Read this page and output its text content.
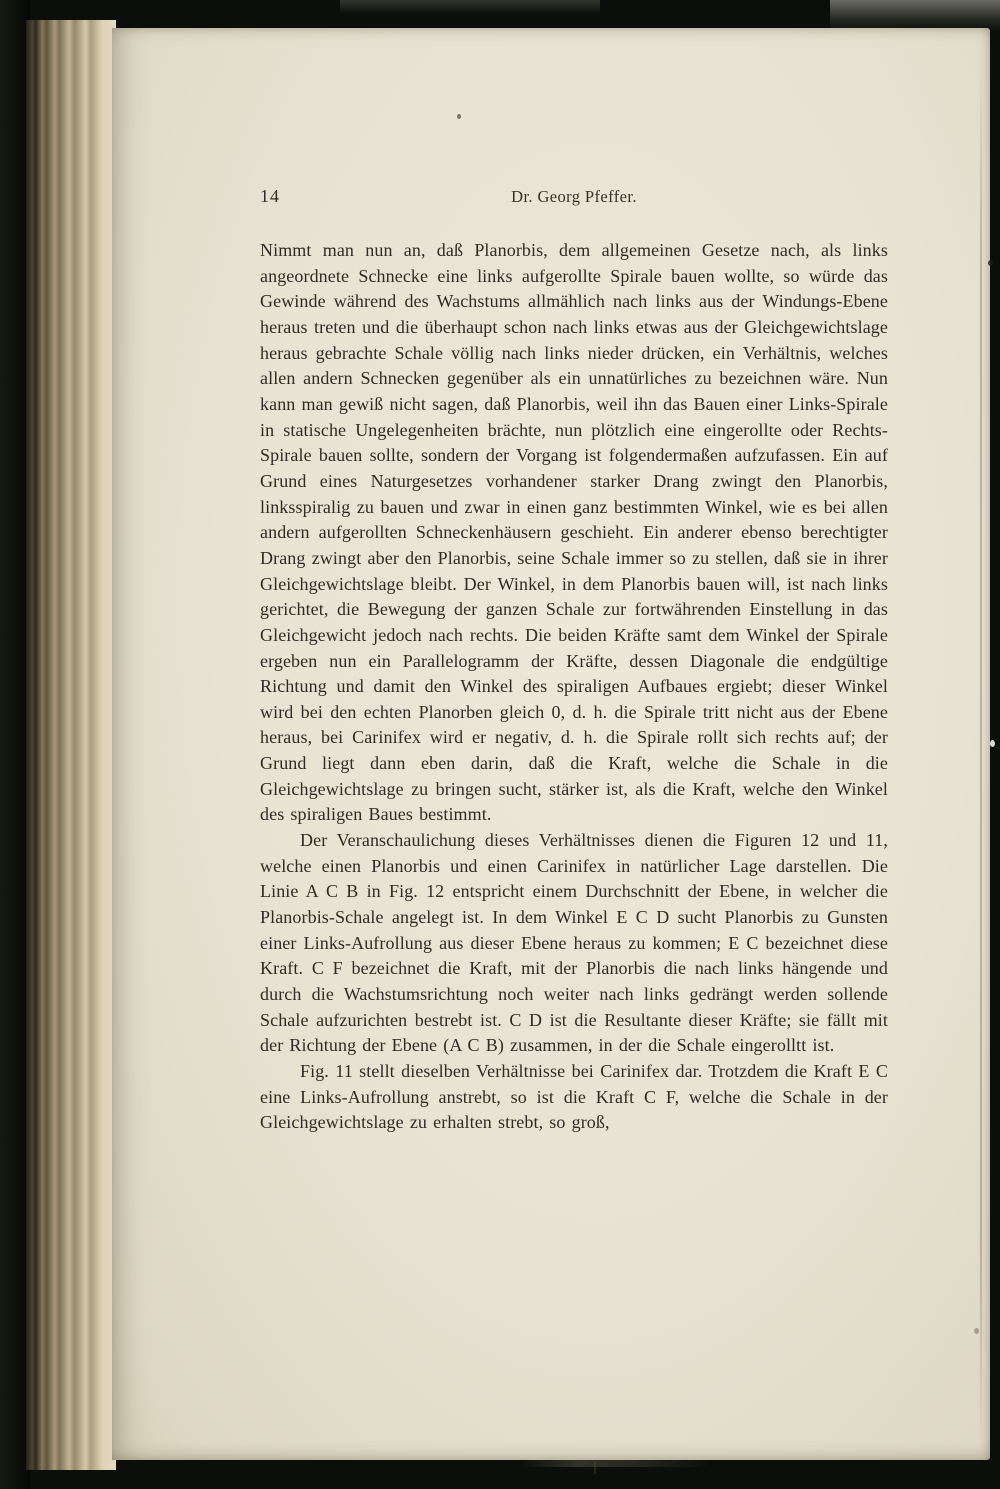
14	Dr. Georg Pfeffer.

Nimmt man nun an, daß Planorbis, dem allgemeinen Gesetze nach, als links angeordnete Schnecke eine links aufgerollte Spirale bauen wollte, so würde das Gewinde während des Wachstums allmählich nach links aus der Windungs-Ebene heraus treten und die überhaupt schon nach links etwas aus der Gleichgewichtslage heraus gebrachte Schale völlig nach links nieder drücken, ein Verhältnis, welches allen andern Schnecken gegenüber als ein unnatürliches zu bezeichnen wäre. Nun kann man gewiß nicht sagen, daß Planorbis, weil ihn das Bauen einer Links-Spirale in statische Ungelegenheiten brächte, nun plötzlich eine eingerollte oder Rechts-Spirale bauen sollte, sondern der Vorgang ist folgendermaßen aufzufassen. Ein auf Grund eines Naturgesetzes vorhandener starker Drang zwingt den Planorbis, linksspiralig zu bauen und zwar in einen ganz bestimmten Winkel, wie es bei allen andern aufgerollten Schneckenhäusern geschieht. Ein anderer ebenso berechtigter Drang zwingt aber den Planorbis, seine Schale immer so zu stellen, daß sie in ihrer Gleichgewichtslage bleibt. Der Winkel, in dem Planorbis bauen will, ist nach links gerichtet, die Bewegung der ganzen Schale zur fortwährenden Einstellung in das Gleichgewicht jedoch nach rechts. Die beiden Kräfte samt dem Winkel der Spirale ergeben nun ein Parallelogramm der Kräfte, dessen Diagonale die endgültige Richtung und damit den Winkel des spiraligen Aufbaues ergiebt; dieser Winkel wird bei den echten Planorben gleich 0, d. h. die Spirale tritt nicht aus der Ebene heraus, bei Carinifex wird er negativ, d. h. die Spirale rollt sich rechts auf; der Grund liegt dann eben darin, daß die Kraft, welche die Schale in die Gleichgewichtslage zu bringen sucht, stärker ist, als die Kraft, welche den Winkel des spiraligen Baues bestimmt.

Der Veranschaulichung dieses Verhältnisses dienen die Figuren 12 und 11, welche einen Planorbis und einen Carinifex in natürlicher Lage darstellen. Die Linie A C B in Fig. 12 entspricht einem Durchschnitt der Ebene, in welcher die Planorbis-Schale angelegt ist. In dem Winkel E C D sucht Planorbis zu Gunsten einer Links-Aufrollung aus dieser Ebene heraus zu kommen; E C bezeichnet diese Kraft. C F bezeichnet die Kraft, mit der Planorbis die nach links hängende und durch die Wachstumsrichtung noch weiter nach links gedrängt werden sollende Schale aufzurichten bestrebt ist. C D ist die Resultante dieser Kräfte; sie fällt mit der Richtung der Ebene (A C B) zusammen, in der die Schale eingerolltt ist.

Fig. 11 stellt dieselben Verhältnisse bei Carinifex dar. Trotzdem die Kraft E C eine Links-Aufrollung anstrebt, so ist die Kraft C F, welche die Schale in der Gleichgewichtslage zu erhalten strebt, so groß,
